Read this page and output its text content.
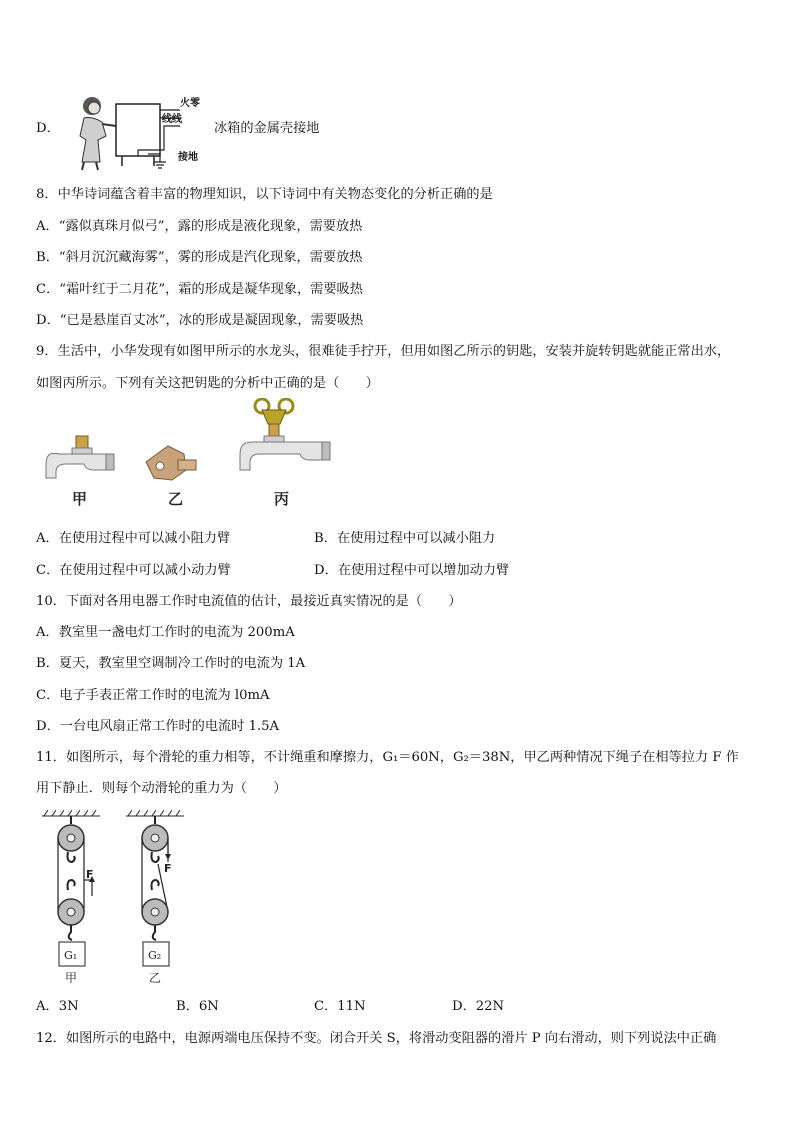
D．
火零
线线
接地
冰箱的金属壳接地
8．中华诗词蕴含着丰富的物理知识，以下诗词中有关物态变化的分析正确的是
A．“露似真珠月似弓”，露的形成是液化现象，需要放热
B．“斜月沉沉藏海雾”，雾的形成是汽化现象，需要放热
C．“霜叶红于二月花”，霜的形成是凝华现象，需要吸热
D．“已是悬崖百丈冰”，冰的形成是凝固现象，需要吸热
9．生活中，小华发现有如图甲所示的水龙头，很难徒手拧开，但用如图乙所示的钥匙，安装并旋转钥匙就能正常出水，
如图丙所示。下列有关这把钥匙的分析中正确的是（　　）
甲	乙	丙
A．在使用过程中可以减小阻力臂	B．在使用过程中可以减小阻力
C．在使用过程中可以减小动力臂	D．在使用过程中可以增加动力臂
10．下面对各用电器工作时电流值的估计，最接近真实情况的是（　　）
A．教室里一盏电灯工作时的电流为 200mA
B．夏天，教室里空调制冷工作时的电流为 1A
C．电子手表正常工作时的电流为 l0mA
D．一台电风扇正常工作时的电流时 1.5A
11．如图所示，每个滑轮的重力相等，不计绳重和摩擦力，G₁＝60N，G₂＝38N，甲乙两种情况下绳子在相等拉力 F 作
用下静止．则每个动滑轮的重力为（　　）
F
G₁
甲
F
G₂
乙
A．3N	B．6N	C．11N	D．22N
12．如图所示的电路中，电源两端电压保持不变。闭合开关 S，将滑动变阻器的滑片 P 向右滑动，则下列说法中正确
